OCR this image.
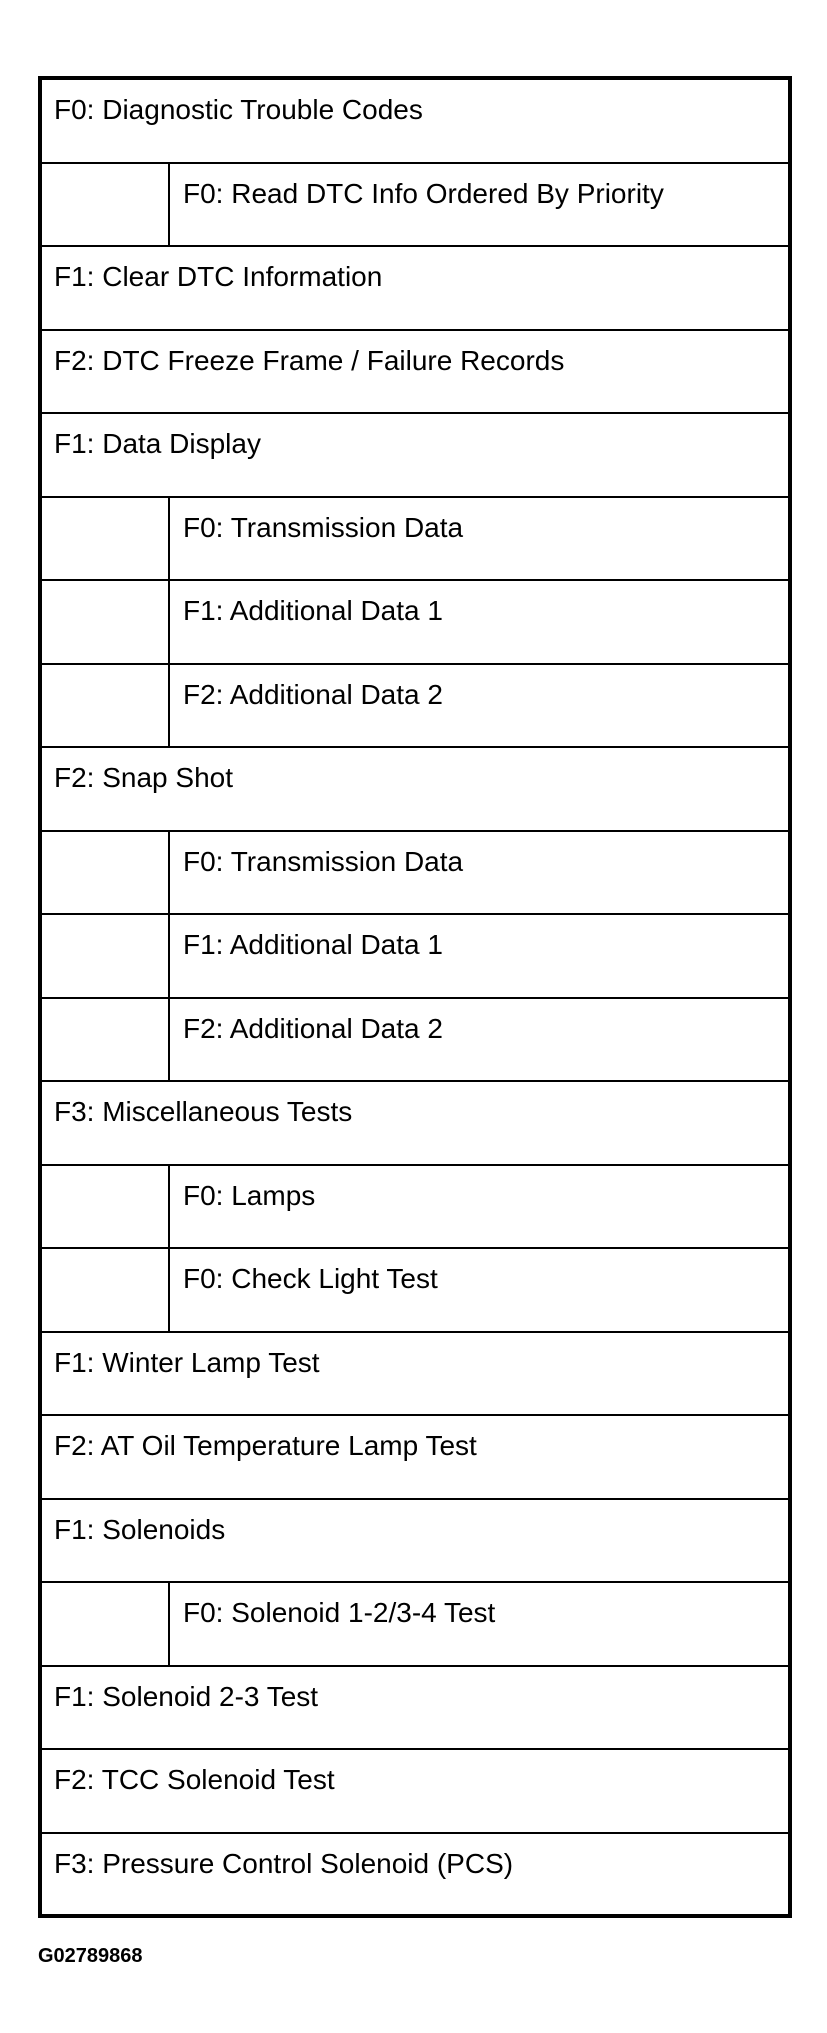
F0: Diagnostic Trouble Codes
F0: Read DTC Info Ordered By Priority
F1: Clear DTC Information
F2: DTC Freeze Frame / Failure Records
F1: Data Display
F0: Transmission Data
F1: Additional Data 1
F2: Additional Data 2
F2: Snap Shot
F0: Transmission Data
F1: Additional Data 1
F2: Additional Data 2
F3: Miscellaneous Tests
F0: Lamps
F0: Check Light Test
F1: Winter Lamp Test
F2: AT Oil Temperature Lamp Test
F1: Solenoids
F0: Solenoid 1-2/3-4 Test
F1: Solenoid 2-3 Test
F2: TCC Solenoid Test
F3: Pressure Control Solenoid (PCS)
G02789868
